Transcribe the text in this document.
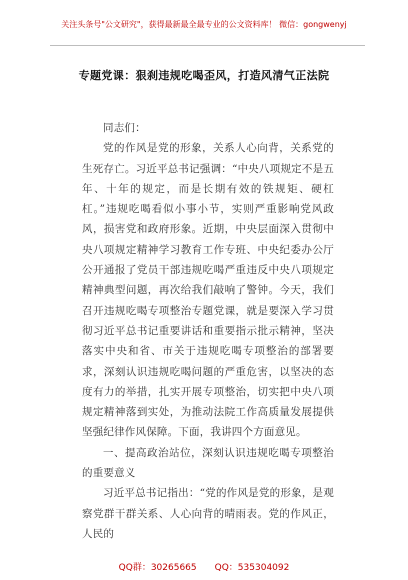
关注头条号"公文研究"，获得最新最全最专业的公文资料库！ 微信：gongwenyj
专题党课：狠刹违规吃喝歪风，打造风清气正法院

同志们：

党的作风是党的形象，关系人心向背，关系党的生死存亡。习近平总书记强调：“中央八项规定不是五年、十年的规定，而是长期有效的铁规矩、硬杠杠。”违规吃喝看似小事小节，实则严重影响党风政风，损害党和政府形象。近期，中央层面深入贯彻中央八项规定精神学习教育工作专班、中央纪委办公厅公开通报了党员干部违规吃喝严重违反中央八项规定精神典型问题，再次给我们敲响了警钟。今天，我们召开违规吃喝专项整治专题党课，就是要深入学习贯彻习近平总书记重要讲话和重要指示批示精神，坚决落实中央和省、市关于违规吃喝专项整治的部署要求，深刻认识违规吃喝问题的严重危害，以坚决的态度有力的举措，扎实开展专项整治，切实把中央八项规定精神落到实处，为推动法院工作高质量发展提供坚强纪律作风保障。下面，我讲四个方面意见。

一、提高政治站位，深刻认识违规吃喝专项整治的重要意义

习近平总书记指出：“党的作风是党的形象，是观察党群干群关系、人心向背的晴雨表。党的作风正，人民的

QQ群：30265665 QQ：535304092
